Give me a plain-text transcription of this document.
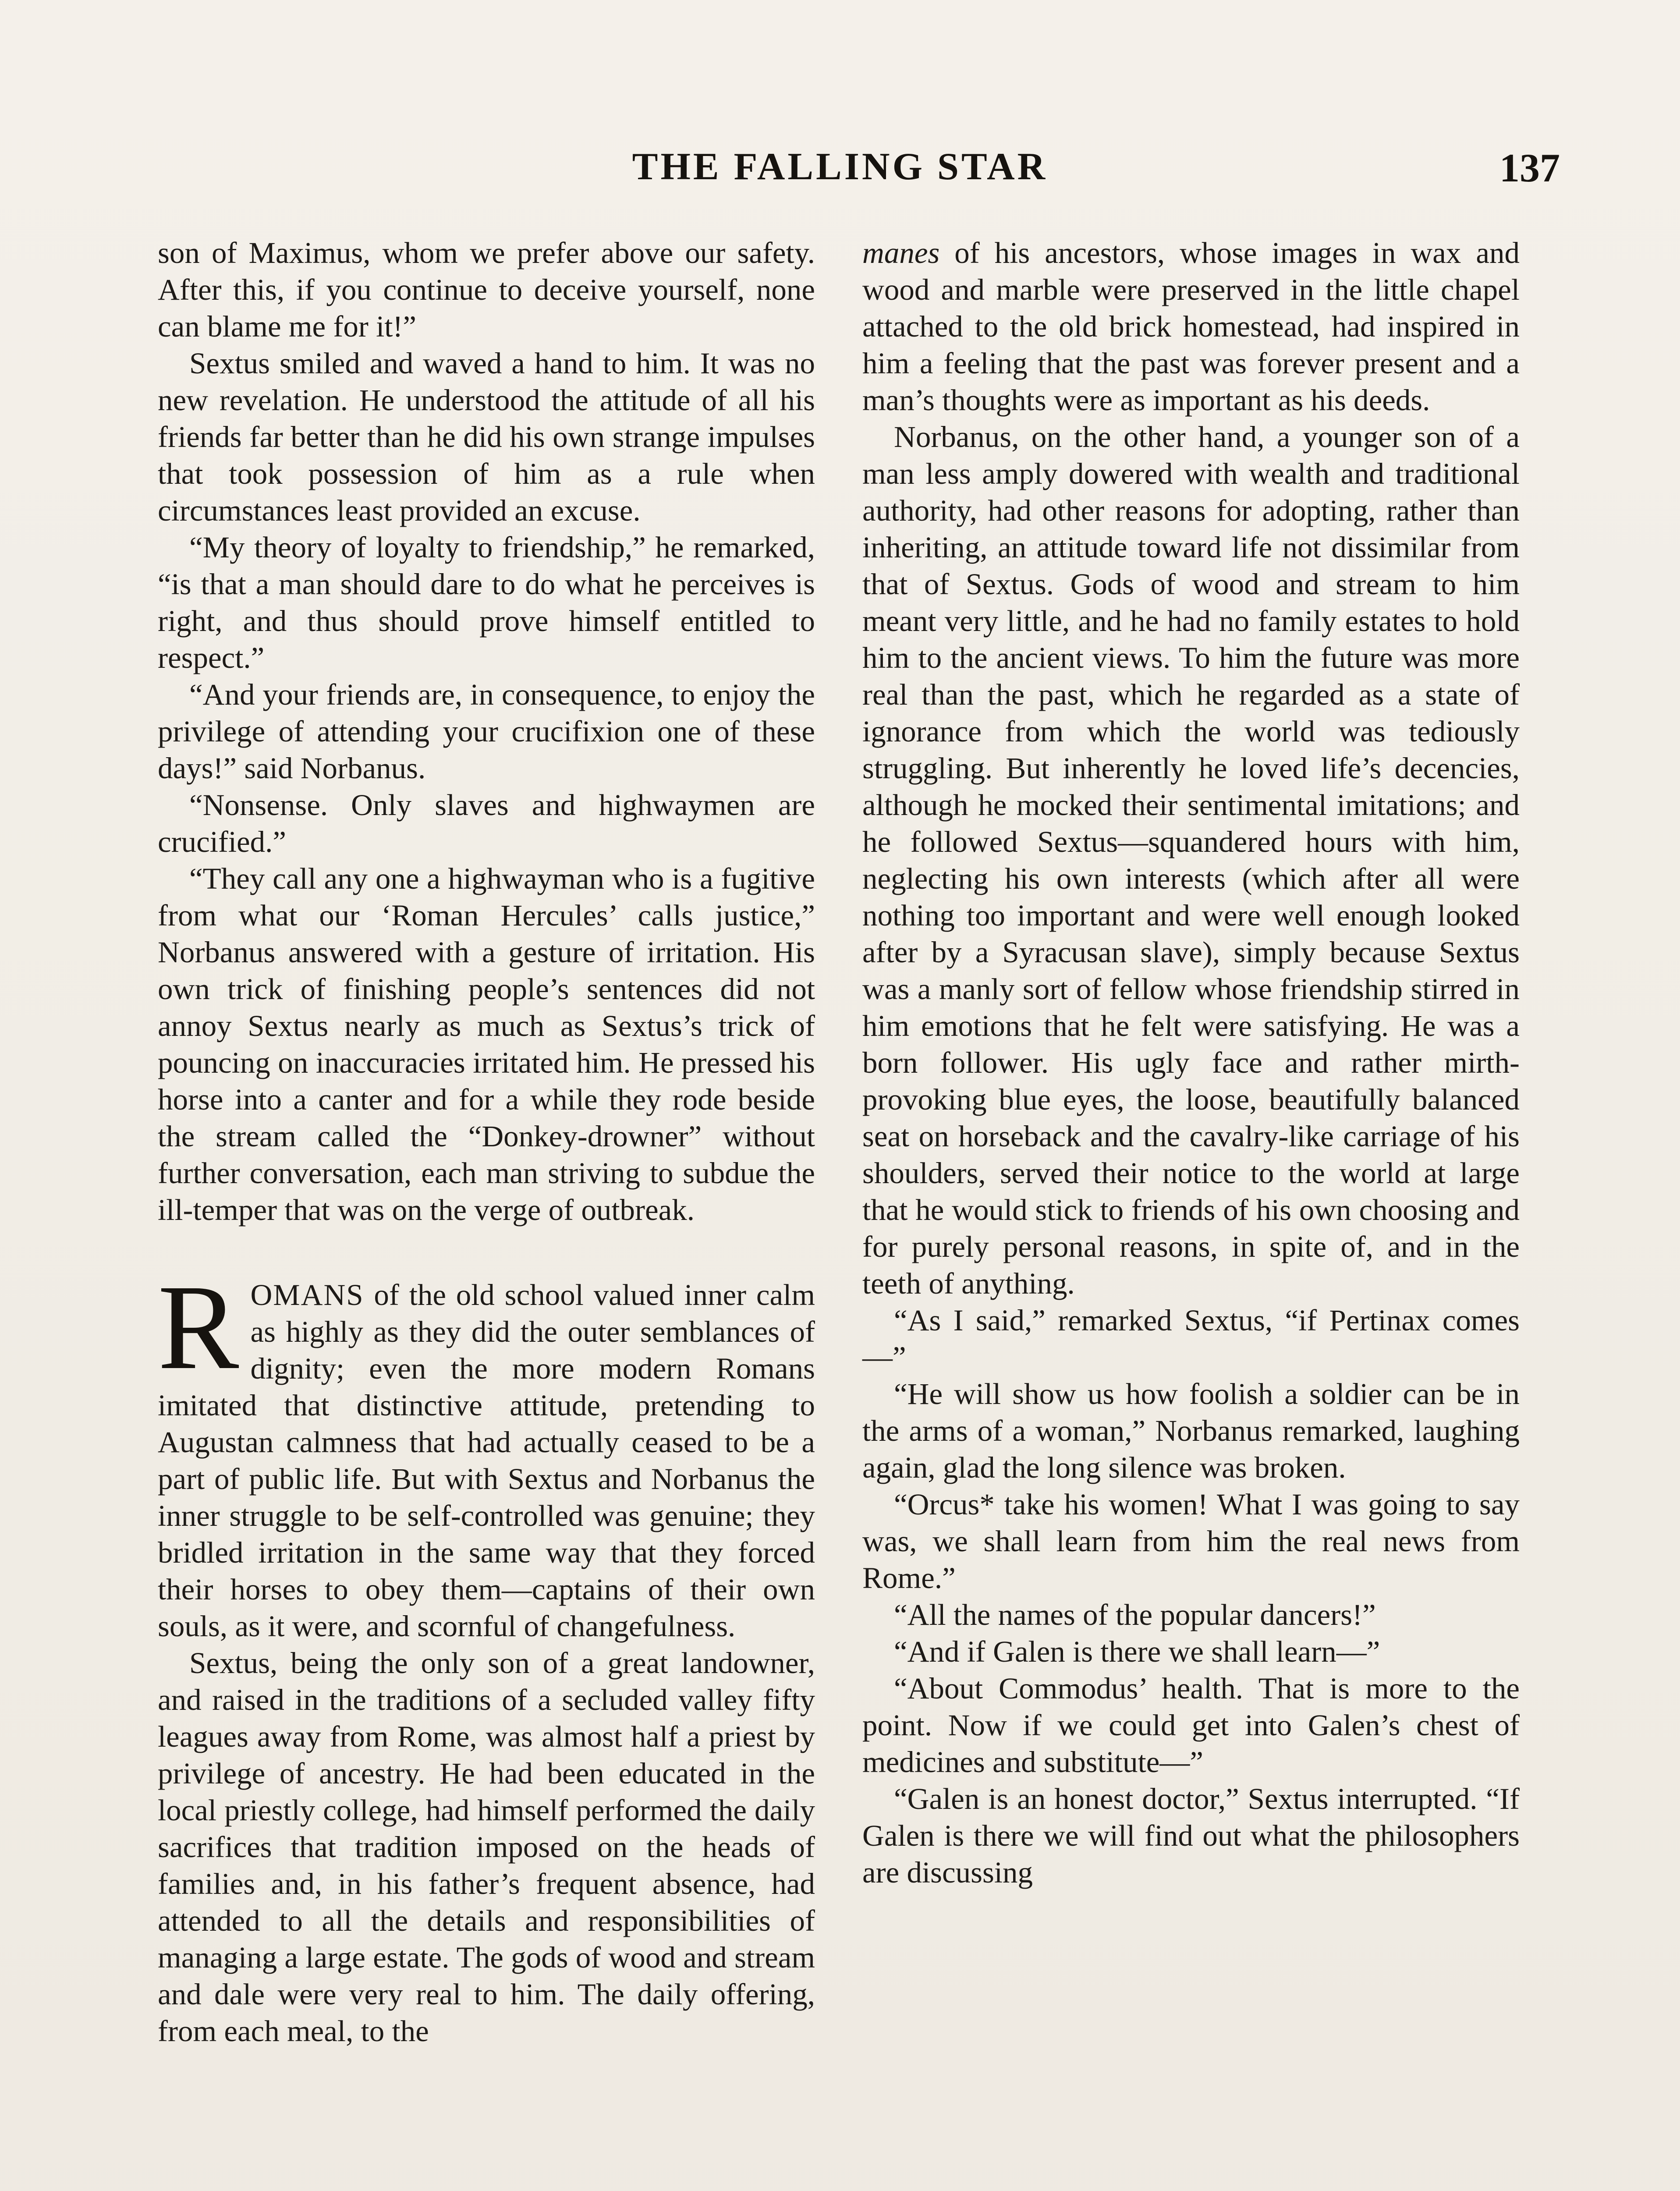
THE FALLING STAR	137

son of Maximus, whom we prefer above our safety. After this, if you continue to deceive yourself, none can blame me for it!”

Sextus smiled and waved a hand to him. It was no new revelation. He understood the attitude of all his friends far better than he did his own strange impulses that took possession of him as a rule when circumstances least provided an excuse.

“My theory of loyalty to friendship,” he remarked, “is that a man should dare to do what he perceives is right, and thus should prove himself entitled to respect.”

“And your friends are, in consequence, to enjoy the privilege of attending your crucifixion one of these days!” said Norbanus.

“Nonsense. Only slaves and highwaymen are crucified.”

“They call any one a highwayman who is a fugitive from what our ‘Roman Hercules’ calls justice,” Norbanus answered with a gesture of irritation. His own trick of finishing people’s sentences did not annoy Sextus nearly as much as Sextus’s trick of pouncing on inaccuracies irritated him. He pressed his horse into a canter and for a while they rode beside the stream called the “Donkey-drowner” without further conversation, each man striving to subdue the ill-temper that was on the verge of outbreak.

ROMANS of the old school valued inner calm as highly as they did the outer semblances of dignity; even the more modern Romans imitated that distinctive attitude, pretending to Augustan calmness that had actually ceased to be a part of public life. But with Sextus and Norbanus the inner struggle to be self-controlled was genuine; they bridled irritation in the same way that they forced their horses to obey them—captains of their own souls, as it were, and scornful of changefulness.

Sextus, being the only son of a great landowner, and raised in the traditions of a secluded valley fifty leagues away from Rome, was almost half a priest by privilege of ancestry. He had been educated in the local priestly college, had himself performed the daily sacrifices that tradition imposed on the heads of families and, in his father’s frequent absence, had attended to all the details and responsibilities of managing a large estate. The gods of wood and stream and dale were very real to him. The daily offering, from each meal, to the

manes of his ancestors, whose images in wax and wood and marble were preserved in the little chapel attached to the old brick homestead, had inspired in him a feeling that the past was forever present and a man’s thoughts were as important as his deeds.

Norbanus, on the other hand, a younger son of a man less amply dowered with wealth and traditional authority, had other reasons for adopting, rather than inheriting, an attitude toward life not dissimilar from that of Sextus. Gods of wood and stream to him meant very little, and he had no family estates to hold him to the ancient views. To him the future was more real than the past, which he regarded as a state of ignorance from which the world was tediously struggling. But inherently he loved life’s decencies, although he mocked their sentimental imitations; and he followed Sextus—squandered hours with him, neglecting his own interests (which after all were nothing too important and were well enough looked after by a Syracusan slave), simply because Sextus was a manly sort of fellow whose friendship stirred in him emotions that he felt were satisfying. He was a born follower. His ugly face and rather mirth-provoking blue eyes, the loose, beautifully balanced seat on horseback and the cavalry-like carriage of his shoulders, served their notice to the world at large that he would stick to friends of his own choosing and for purely personal reasons, in spite of, and in the teeth of anything.

“As I said,” remarked Sextus, “if Pertinax comes—”

“He will show us how foolish a soldier can be in the arms of a woman,” Norbanus remarked, laughing again, glad the long silence was broken.

“Orcus* take his women! What I was going to say was, we shall learn from him the real news from Rome.”

“All the names of the popular dancers!”

“And if Galen is there we shall learn—”

“About Commodus’ health. That is more to the point. Now if we could get into Galen’s chest of medicines and substitute—”

“Galen is an honest doctor,” Sextus interrupted. “If Galen is there we will find out what the philosophers are discussing
